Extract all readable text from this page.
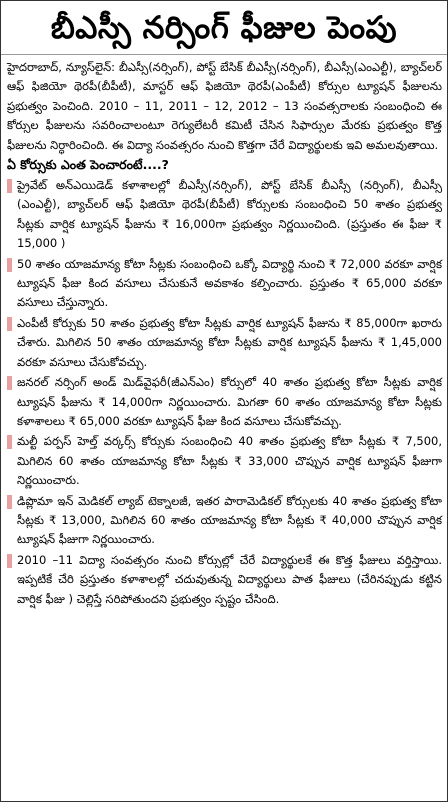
బీఎస్సీ నర్సింగ్ ఫీజుల పెంపు

హైదరాబాద్, న్యూస్‌లైన్: బీఎస్సీ(నర్సింగ్), పోస్ట్ బేసిక్ బీఎస్సీ(నర్సింగ్), బీఎస్సీ(ఎంఎల్టీ), బ్యాచ్‌లర్ ఆఫ్ ఫిజియో థెరపీ(బీపీటీ), మాస్టర్ ఆఫ్ ఫిజియో థెరపీ(ఎంపీటీ) కోర్సుల ట్యూషన్ ఫీజులను ప్రభుత్వం పెంచింది. 2010 – 11, 2011 – 12, 2012 – 13 సంవత్సరాలకు సంబంధించి ఈ కోర్సుల ఫీజులను సవరించాలంటూ రెగ్యులేటరీ కమిటీ చేసిన సిఫార్సుల మేరకు ప్రభుత్వం కొత్త ఫీజులను నిర్ధారించింది. ఈ విద్యా సంవత్సరం నుంచి కొత్తగా చేరే విద్యార్థులకు ఇవి అమలవుతాయి.

ఏ కోర్సుకు ఎంత పెంచారంటే....?

ప్రైవేట్ అన్‌ఎయిడెడ్ కళాశాలల్లో బీఎస్సీ(నర్సింగ్), పోస్ట్ బేసిక్ బీఎస్సీ (నర్సింగ్), బీఎస్సీ (ఎంఎల్టీ), బ్యాచ్‌లర్ ఆఫ్ ఫిజియో థెరపీ(బీపీటీ) కోర్సులకు సంబంధించి 50 శాతం ప్రభుత్వ సీట్లకు వార్షిక ట్యూషన్ ఫీజును ₹ 16,000గా ప్రభుత్వం నిర్ణయించింది. (ప్రస్తుతం ఈ ఫీజు ₹ 15,000 )
50 శాతం యాజమాన్య కోటా సీట్లకు సంబంధించి ఒక్కో విద్యార్థి నుంచి ₹ 72,000 వరకూ వార్షిక ట్యూషన్ ఫీజు కింద వసూలు చేసుకునే అవకాశం కల్పించారు. ప్రస్తుతం ₹ 65,000 వరకూ వసూలు చేస్తున్నారు.
ఎంపీటీ కోర్సుకు 50 శాతం ప్రభుత్వ కోటా సీట్లకు వార్షిక ట్యూషన్ ఫీజును ₹ 85,000గా ఖరారు చేశారు. మిగిలిన 50 శాతం యాజమాన్య కోటా సీట్లకు వార్షిక ట్యూషన్ ఫీజును ₹ 1,45,000 వరకూ వసూలు చేసుకోవచ్చు.
జనరల్ నర్సింగ్ అండ్ మిడ్‌వైఫరీ(జీఎన్‌ఎం) కోర్సులో 40 శాతం ప్రభుత్వ కోటా సీట్లకు వార్షిక ట్యూషన్ ఫీజును ₹ 14,000గా నిర్ణయించారు. మిగతా 60 శాతం యాజమాన్య కోటా సీట్లకు కళాశాలలు ₹ 65,000 వరకూ ట్యూషన్ ఫీజు కింద వసూలు చేసుకోవచ్చు.
మల్టీ పర్పస్ హెల్త్ వర్కర్స్ కోర్సుకు సంబంధించి 40 శాతం ప్రభుత్వ కోటా సీట్లకు ₹ 7,500, మిగిలిన 60 శాతం యాజమాన్య కోటా సీట్లకు ₹ 33,000 చొప్పున వార్షిక ట్యూషన్ ఫీజుగా నిర్ణయించారు.
డిప్లొమా ఇన్ మెడికల్ ల్యాబ్ టెక్నాలజీ, ఇతర పారామెడికల్ కోర్సులకు 40 శాతం ప్రభుత్వ కోటా సీట్లకు ₹ 13,000, మిగిలిన 60 శాతం యాజమాన్య కోటా సీట్లకు ₹ 40,000 చొప్పున వార్షిక ట్యూషన్ ఫీజుగా నిర్ణయించారు.
2010 –11 విద్యా సంవత్సరం నుంచి కోర్సుల్లో చేరే విద్యార్థులకే ఈ కొత్త ఫీజులు వర్తిస్తాయి. ఇప్పటికే చేరి ప్రస్తుతం కళాశాలల్లో చదువుతున్న విద్యార్థులు పాత ఫీజులు (చేరినప్పుడు కట్టిన వార్షిక ఫీజు ) చెల్లిస్తే సరిపోతుందని ప్రభుత్వం స్పష్టం చేసింది.
